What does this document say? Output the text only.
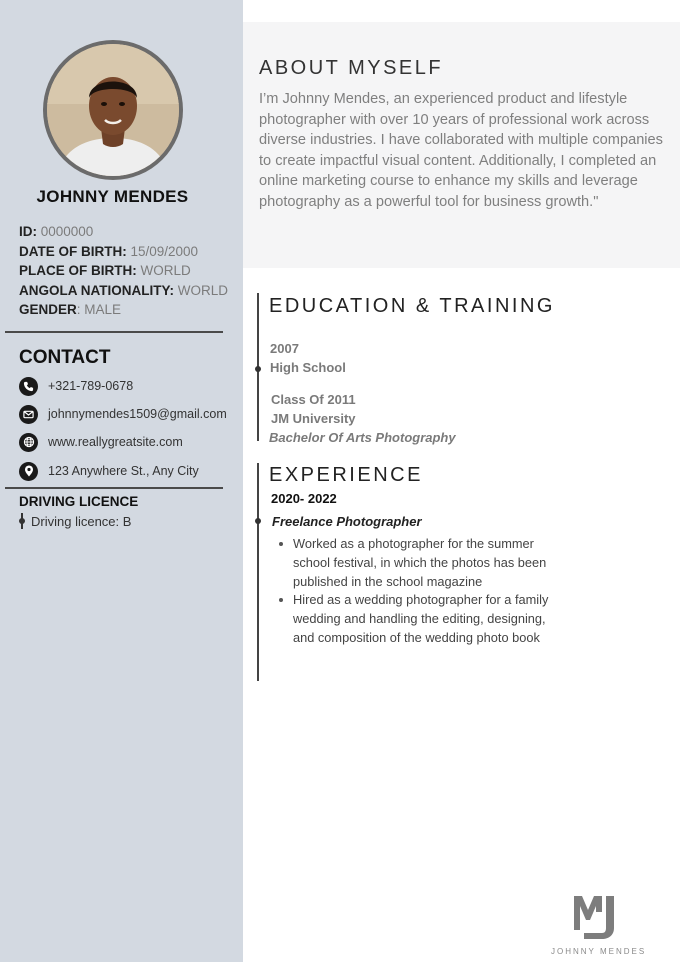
JOHNNY MENDES
ID: 0000000
DATE OF BIRTH: 15/09/2000
PLACE OF BIRTH: WORLD
ANGOLA NATIONALITY: WORLD
GENDER: MALE
CONTACT
+321-789-0678
johnnymendes1509@gmail.com
www.reallygreatsite.com
123 Anywhere St., Any City
DRIVING LICENCE
Driving licence: B
ABOUT MYSELF
I’m Johnny Mendes, an experienced product and lifestyle photographer with over 10 years of professional work across diverse industries. I have collaborated with multiple companies to create impactful visual content. Additionally, I completed an online marketing course to enhance my skills and leverage photography as a powerful tool for business growth."
EDUCATION & TRAINING
2007
High School
Class Of 2011
JM University
Bachelor Of Arts Photography
EXPERIENCE
2020- 2022
Freelance Photographer
Worked as a photographer for the summer school festival, in which the photos has been published in the school magazine
Hired as a wedding photographer for a family wedding and handling the editing, designing, and composition of the wedding photo book
JOHNNY MENDES
